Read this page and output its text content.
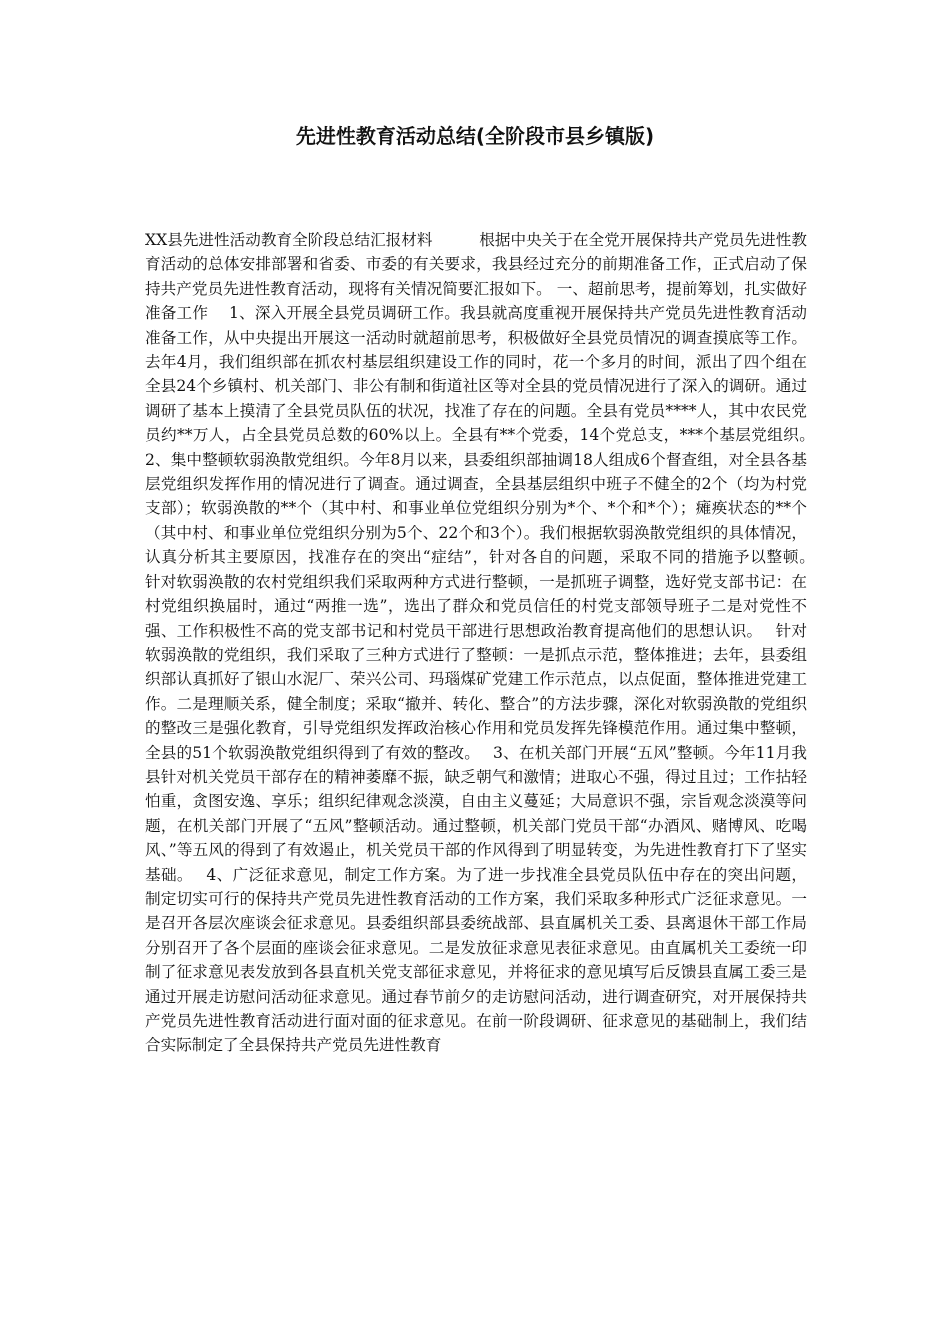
先进性教育活动总结(全阶段市县乡镇版)

XX县先进性活动教育全阶段总结汇报材料　　　根据中央关于在全党开展保持共产党员先进性教育活动的总体安排部署和省委、市委的有关要求，我县经过充分的前期准备工作，正式启动了保持共产党员先进性教育活动，现将有关情况简要汇报如下。 一、超前思考，提前筹划，扎实做好准备工作　 1、深入开展全县党员调研工作。我县就高度重视开展保持共产党员先进性教育活动准备工作，从中央提出开展这一活动时就超前思考，积极做好全县党员情况的调查摸底等工作。去年4月，我们组织部在抓农村基层组织建设工作的同时，花一个多月的时间，派出了四个组在全县24个乡镇村、机关部门、非公有制和街道社区等对全县的党员情况进行了深入的调研。通过调研了基本上摸清了全县党员队伍的状况，找准了存在的问题。全县有党员****人，其中农民党员约**万人，占全县党员总数的60%以上。全县有**个党委，14个党总支，***个基层党组织。　 2、集中整顿软弱涣散党组织。今年8月以来，县委组织部抽调18人组成6个督查组，对全县各基层党组织发挥作用的情况进行了调查。通过调查，全县基层组织中班子不健全的2个（均为村党支部）；软弱涣散的**个（其中村、和事业单位党组织分别为*个、*个和*个）；瘫痪状态的**个（其中村、和事业单位党组织分别为5个、22个和3个）。我们根据软弱涣散党组织的具体情况，认真分析其主要原因，找准存在的突出“症结”，针对各自的问题，采取不同的措施予以整顿。　 针对软弱涣散的农村党组织我们采取两种方式进行整顿，一是抓班子调整，选好党支部书记：在村党组织换届时，通过“两推一选”，选出了群众和党员信任的村党支部领导班子二是对党性不强、工作积极性不高的党支部书记和村党员干部进行思想政治教育提高他们的思想认识。　 针对软弱涣散的党组织，我们采取了三种方式进行了整顿：一是抓点示范，整体推进；去年，县委组织部认真抓好了银山水泥厂、荣兴公司、玛瑙煤矿党建工作示范点，以点促面，整体推进党建工作。二是理顺关系，健全制度；采取“撤并、转化、整合”的方法步骤，深化对软弱涣散的党组织的整改三是强化教育，引导党组织发挥政治核心作用和党员发挥先锋模范作用。通过集中整顿，全县的51个软弱涣散党组织得到了有效的整改。　 3、在机关部门开展“五风”整顿。今年11月我县针对机关党员干部存在的精神萎靡不振，缺乏朝气和激情；进取心不强，得过且过；工作拈轻怕重，贪图安逸、享乐；组织纪律观念淡漠，自由主义蔓延；大局意识不强，宗旨观念淡漠等问题，在机关部门开展了“五风”整顿活动。通过整顿，机关部门党员干部“办酒风、赌博风、吃喝风、”等五风的得到了有效遏止，机关党员干部的作风得到了明显转变，为先进性教育打下了坚实基础。　 4、广泛征求意见，制定工作方案。为了进一步找准全县党员队伍中存在的突出问题，制定切实可行的保持共产党员先进性教育活动的工作方案，我们采取多种形式广泛征求意见。一是召开各层次座谈会征求意见。县委组织部县委统战部、县直属机关工委、县离退休干部工作局分别召开了各个层面的座谈会征求意见。二是发放征求意见表征求意见。由直属机关工委统一印制了征求意见表发放到各县直机关党支部征求意见，并将征求的意见填写后反馈县直属工委三是通过开展走访慰问活动征求意见。通过春节前夕的走访慰问活动，进行调查研究，对开展保持共产党员先进性教育活动进行面对面的征求意见。在前一阶段调研、征求意见的基础制上，我们结合实际制定了全县保持共产党员先进性教育
